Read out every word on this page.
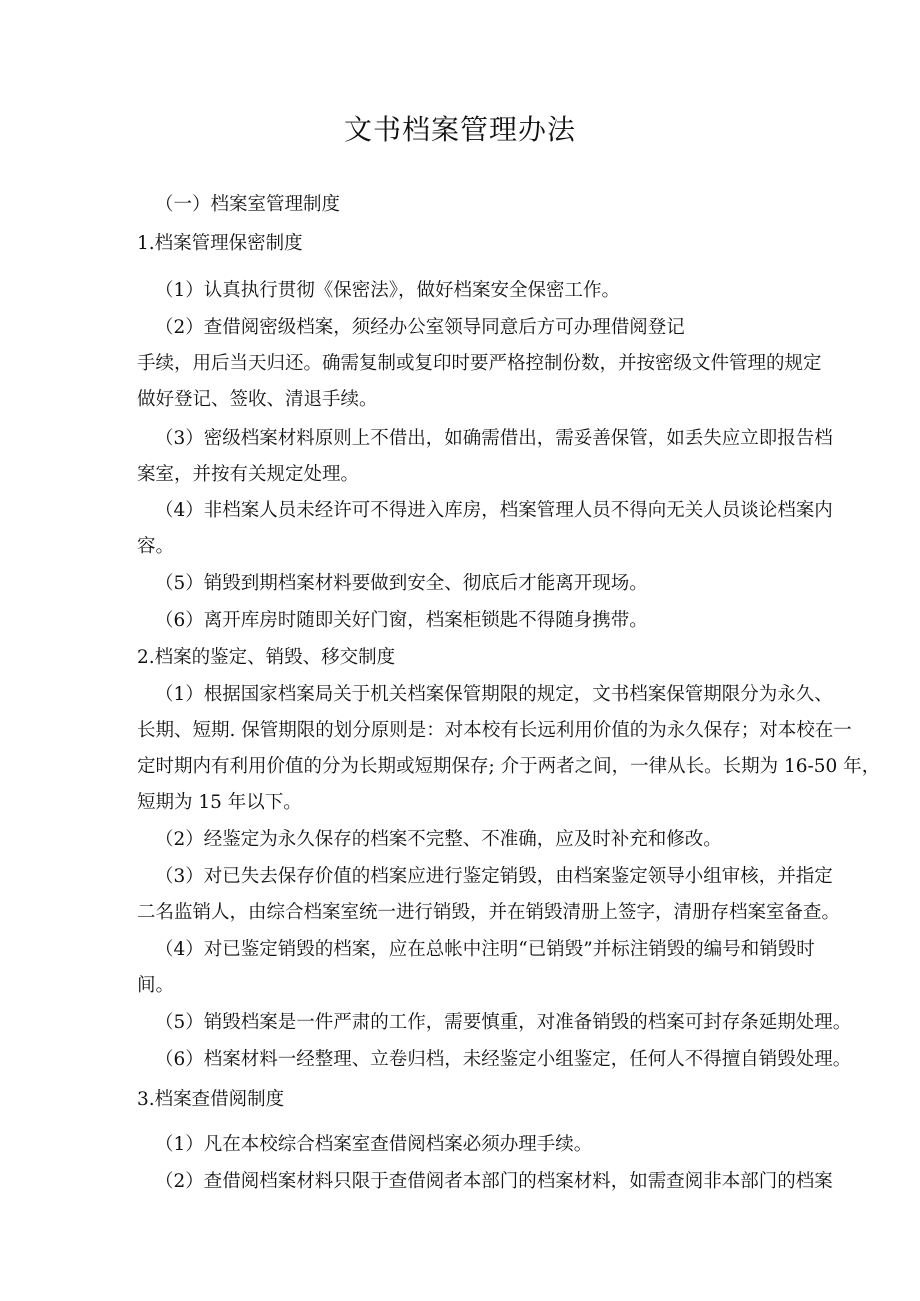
文书档案管理办法
（一）档案室管理制度
1.档案管理保密制度
（1）认真执行贯彻《保密法》，做好档案安全保密工作。
（2）查借阅密级档案，须经办公室领导同意后方可办理借阅登记
手续，用后当天归还。确需复制或复印时要严格控制份数，并按密级文件管理的规定
做好登记、签收、清退手续。
（3）密级档案材料原则上不借出，如确需借出，需妥善保管，如丢失应立即报告档
案室，并按有关规定处理。
（4）非档案人员未经许可不得进入库房，档案管理人员不得向无关人员谈论档案内
容。
（5）销毁到期档案材料要做到安全、彻底后才能离开现场。
（6）离开库房时随即关好门窗，档案柜锁匙不得随身携带。
2.档案的鉴定、销毁、移交制度
（1）根据国家档案局关于机关档案保管期限的规定，文书档案保管期限分为永久、
长期、短期. 保管期限的划分原则是：对本校有长远利用价值的为永久保存；对本校在一
定时期内有利用价值的分为长期或短期保存; 介于两者之间，一律从长。长期为 16-50 年，
短期为 15 年以下。
（2）经鉴定为永久保存的档案不完整、不准确，应及时补充和修改。
（3）对已失去保存价值的档案应进行鉴定销毁，由档案鉴定领导小组审核，并指定
二名监销人，由综合档案室统一进行销毁，并在销毁清册上签字，清册存档案室备查。
（4）对已鉴定销毁的档案，应在总帐中注明“已销毁”并标注销毁的编号和销毁时
间。
（5）销毁档案是一件严肃的工作，需要慎重，对准备销毁的档案可封存条延期处理。
（6）档案材料一经整理、立卷归档，未经鉴定小组鉴定，任何人不得擅自销毁处理。
3.档案查借阅制度
（1）凡在本校综合档案室查借阅档案必须办理手续。
（2）查借阅档案材料只限于查借阅者本部门的档案材料，如需查阅非本部门的档案
